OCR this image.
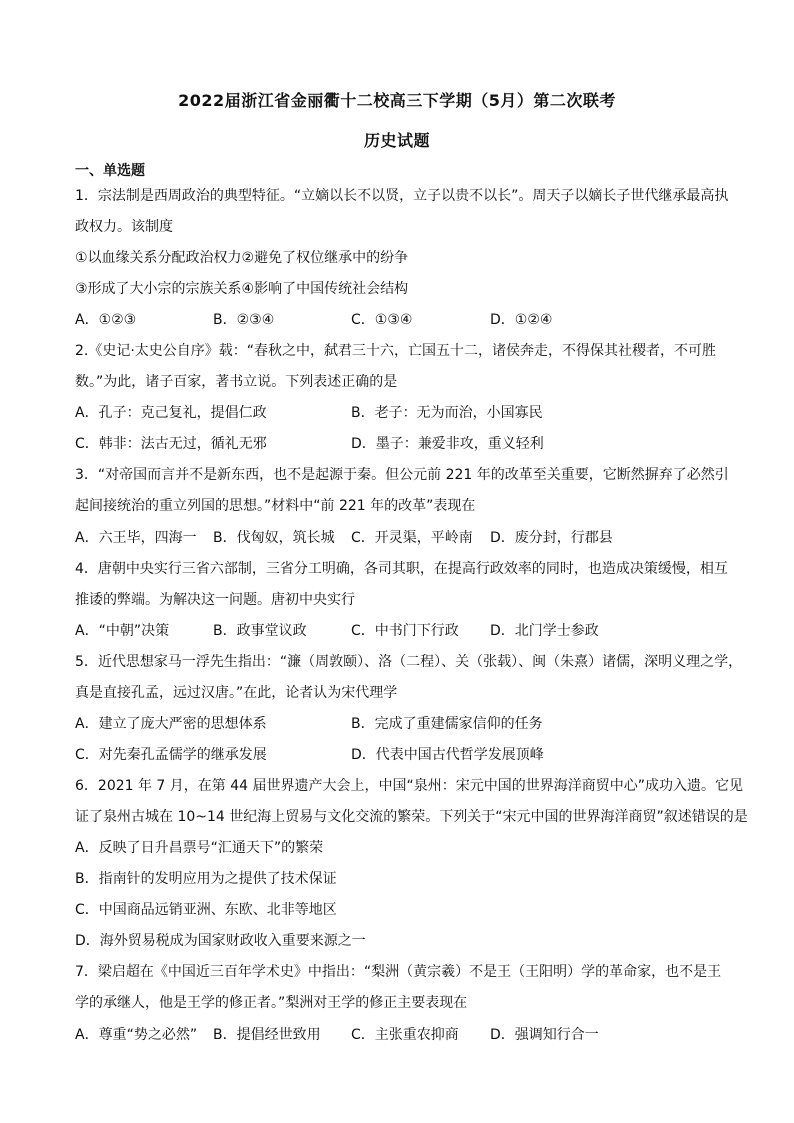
2022届浙江省金丽衢十二校高三下学期（5月）第二次联考
历史试题
一、单选题
1．宗法制是西周政治的典型特征。“立嫡以长不以贤，立子以贵不以长”。周天子以嫡长子世代继承最高执
政权力。该制度
①以血缘关系分配政治权力②避免了权位继承中的纷争
③形成了大小宗的宗族关系④影响了中国传统社会结构
A．①②③	B．②③④	C．①③④	D．①②④
2.《史记·太史公自序》载：“春秋之中，弑君三十六，亡国五十二，诸侯奔走，不得保其社稷者，不可胜
数。”为此，诸子百家，著书立说。下列表述正确的是
A．孔子：克己复礼，提倡仁政	B．老子：无为而治，小国寡民
C．韩非：法古无过，循礼无邪	D．墨子：兼爱非攻，重义轻利
3．“对帝国而言并不是新东西，也不是起源于秦。但公元前 221 年的改革至关重要，它断然摒弃了必然引
起间接统治的重立列国的思想。”材料中“前 221 年的改革”表现在
A．六王毕，四海一 B．伐匈奴，筑长城 C．开灵渠，平岭南 D．废分封，行郡县
4．唐朝中央实行三省六部制，三省分工明确，各司其职，在提高行政效率的同时，也造成决策缓慢，相互
推诿的弊端。为解决这一问题。唐初中央实行
A．“中朝”决策	B．政事堂议政	C．中书门下行政 D．北门学士参政
5．近代思想家马一浮先生指出：“濂（周敦颐）、洛（二程）、关（张载）、闽（朱熹）诸儒，深明义理之学，
真是直接孔孟，远过汉唐。”在此，论者认为宋代理学
A．建立了庞大严密的思想体系	B．完成了重建儒家信仰的任务
C．对先秦孔孟儒学的继承发展	D．代表中国古代哲学发展顶峰
6．2021 年 7 月，在第 44 届世界遗产大会上，中国“泉州：宋元中国的世界海洋商贸中心”成功入遗。它见
证了泉州古城在 10~14 世纪海上贸易与文化交流的繁荣。下列关于“宋元中国的世界海洋商贸”叙述错误的是
A．反映了日升昌票号“汇通天下”的繁荣
B．指南针的发明应用为之提供了技术保证
C．中国商品远销亚洲、东欧、北非等地区
D．海外贸易税成为国家财政收入重要来源之一
7．梁启超在《中国近三百年学术史》中指出：“梨洲（黄宗羲）不是王（王阳明）学的革命家，也不是王
学的承继人，他是王学的修正者。”梨洲对王学的修正主要表现在
A．尊重“势之必然” B．提倡经世致用 C．主张重农抑商 D．强调知行合一
